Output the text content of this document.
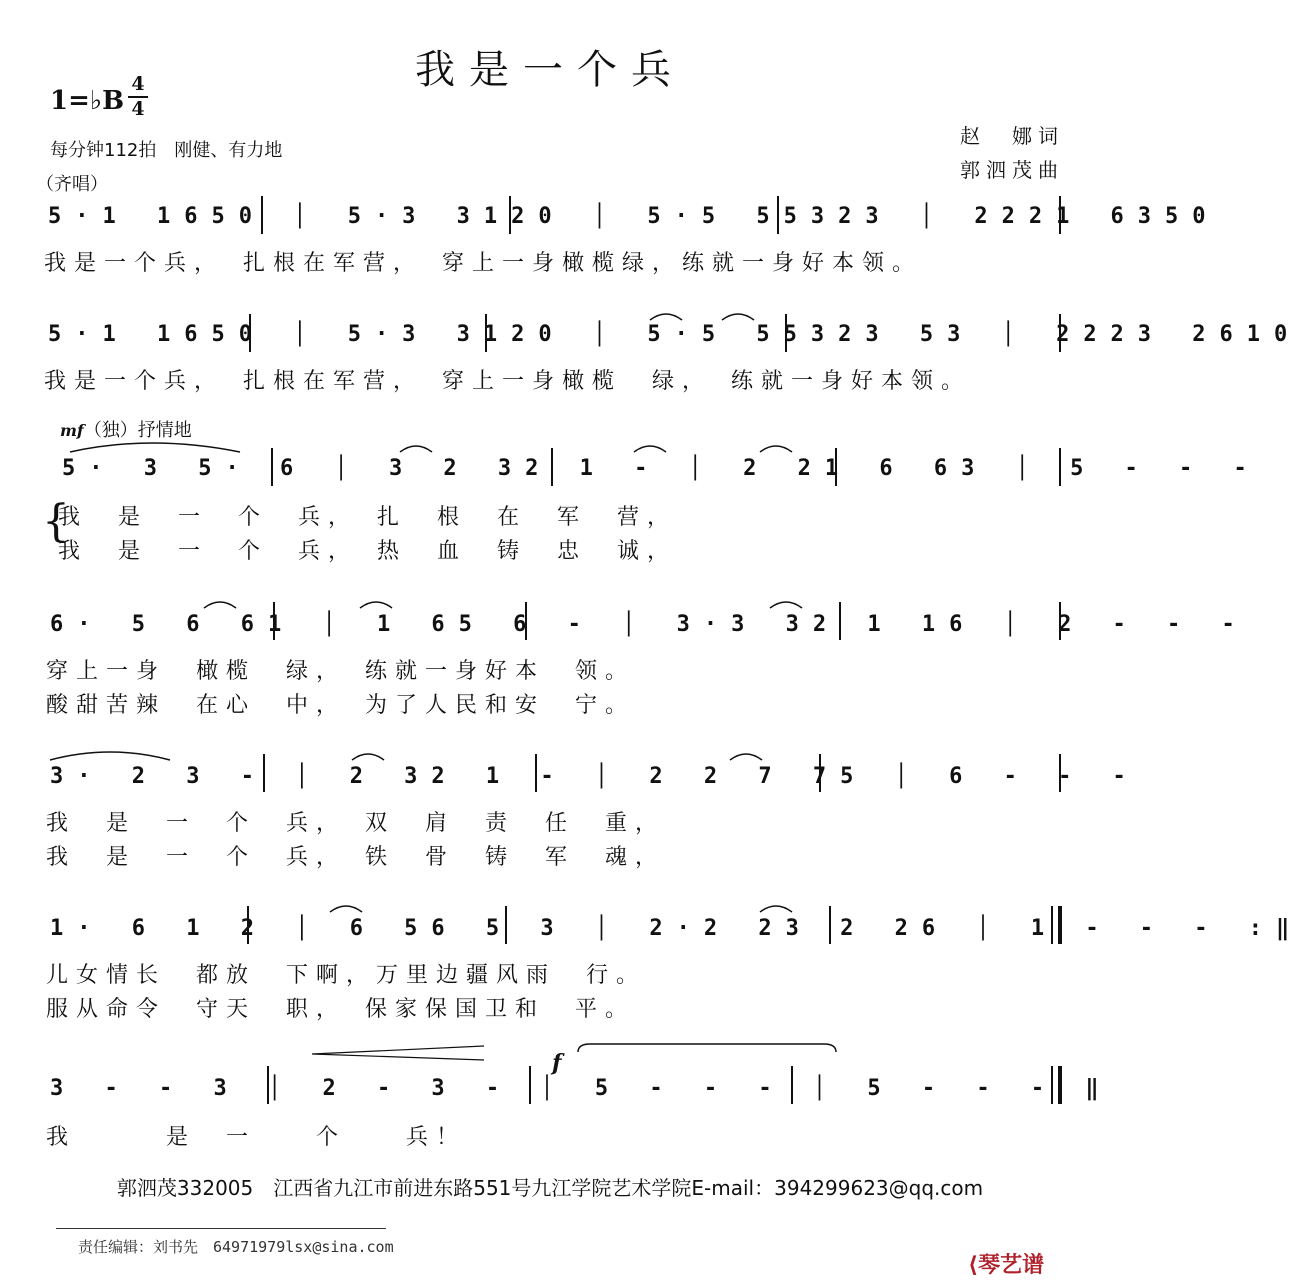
我是一个兵
1=♭B
4
4
每分钟112拍　刚健、有力地
（齐唱）
赵　娜词
郭泗茂曲
5·1 1650 │ 5·3 3120 │ 5·5 55323 │ 2221 6350
我是一个兵，　扎根在军营，　穿上一身橄榄绿，练就一身好本领。
5·1 1650 │ 5·3 3120 │ 5·5 55323 53 │ 2223 2610
我是一个兵，　扎根在军营，　穿上一身橄榄　绿，　练就一身好本领。
mf（独）抒情地
5· 3 5· 6 │ 3 2 32 1 - │ 2 21 6 63 │ 5 - - -
{
我　是　一　个　兵，　扎　根　在　军　营，
我　是　一　个　兵，　热　血　铸　忠　诚，
6· 5 6 61 │ 1 65 6 - │ 3·3 32 1 16 │ 2 - - -
穿上一身　橄榄　绿，　练就一身好本　领。
酸甜苦辣　在心　中，　为了人民和安　宁。
3· 2 3 - │ 2 32 1 - │ 2 2 7 75 │ 6 - - -
我　是　一　个　兵，　双　肩　责　任　重，
我　是　一　个　兵，　铁　骨　铸　军　魂，
1· 6 1 2 │ 6 56 5 3 │ 2·2 23 2 26 │ 1 - - - :‖
儿女情长　都放　下啊，万里边疆风雨　行。
服从命令　守天　职，　保家保国卫和　平。
f
3 - - 3 │ 2 - 3 - │ 5 - - - │ 5 - - - ‖
我　　　是　一　　个　　兵！
郭泗茂332005　江西省九江市前进东路551号九江学院艺术学院E-mail：394299623@qq.com
责任编辑：刘书先　64971979lsx@sina.com
⟨琴艺谱
